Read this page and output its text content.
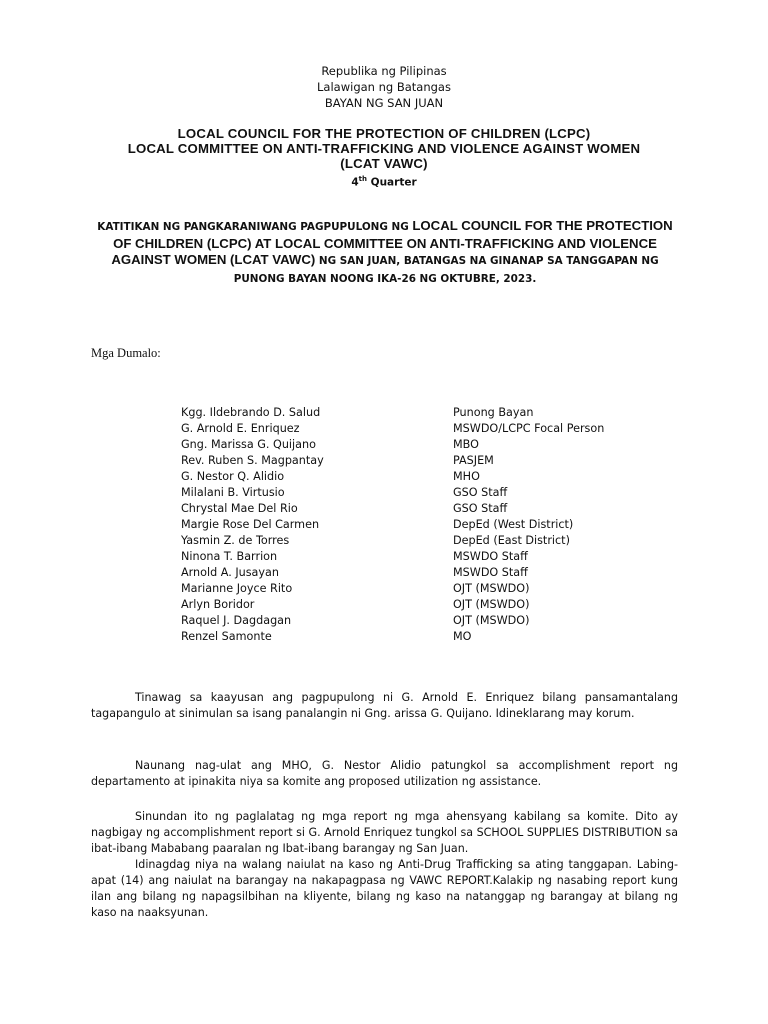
Republika ng Pilipinas
Lalawigan ng Batangas
BAYAN NG SAN JUAN
LOCAL COUNCIL FOR THE PROTECTION OF CHILDREN (LCPC)
LOCAL COMMITTEE ON ANTI-TRAFFICKING AND VIOLENCE AGAINST WOMEN
(LCAT VAWC)
4th Quarter
KATITIKAN NG PANGKARANIWANG PAGPUPULONG NG LOCAL COUNCIL FOR THE PROTECTION OF CHILDREN (LCPC) AT LOCAL COMMITTEE ON ANTI-TRAFFICKING AND VIOLENCE AGAINST WOMEN (LCAT VAWC) NG SAN JUAN, BATANGAS NA GINANAP SA TANGGAPAN NG PUNONG BAYAN NOONG IKA-26 NG OKTUBRE, 2023.
Mga Dumalo:
Kgg. Ildebrando D. Salud	Punong Bayan
G. Arnold E. Enriquez	MSWDO/LCPC Focal Person
Gng. Marissa G. Quijano	MBO
Rev. Ruben S. Magpantay	PASJEM
G. Nestor Q. Alidio	MHO
Milalani B. Virtusio	GSO Staff
Chrystal Mae Del Rio	GSO Staff
Margie Rose Del Carmen	DepEd (West District)
Yasmin Z. de Torres	DepEd (East District)
Ninona T. Barrion	MSWDO Staff
Arnold A. Jusayan	MSWDO Staff
Marianne Joyce Rito	OJT (MSWDO)
Arlyn Boridor	OJT (MSWDO)
Raquel J. Dagdagan	OJT (MSWDO)
Renzel Samonte	MO

Tinawag sa kaayusan ang pagpupulong ni G. Arnold E. Enriquez bilang pansamantalang tagapangulo at sinimulan sa isang panalangin ni Gng. arissa G. Quijano. Idineklarang may korum.

Naunang nag-ulat ang MHO, G. Nestor Alidio patungkol sa accomplishment report ng departamento at ipinakita niya sa komite ang proposed utilization ng assistance.

Sinundan ito ng paglalatag ng mga report ng mga ahensyang kabilang sa komite. Dito ay nagbigay ng accomplishment report si G. Arnold Enriquez tungkol sa SCHOOL SUPPLIES DISTRIBUTION sa ibat-ibang Mababang paaralan ng Ibat-ibang barangay ng San Juan.

Idinagdag niya na walang naiulat na kaso ng Anti-Drug Trafficking sa ating tanggapan. Labing-apat (14) ang naiulat na barangay na nakapagpasa ng VAWC REPORT.Kalakip ng nasabing report kung ilan ang bilang ng napagsilbihan na kliyente, bilang ng kaso na natanggap ng barangay at bilang ng kaso na naaksyunan.
